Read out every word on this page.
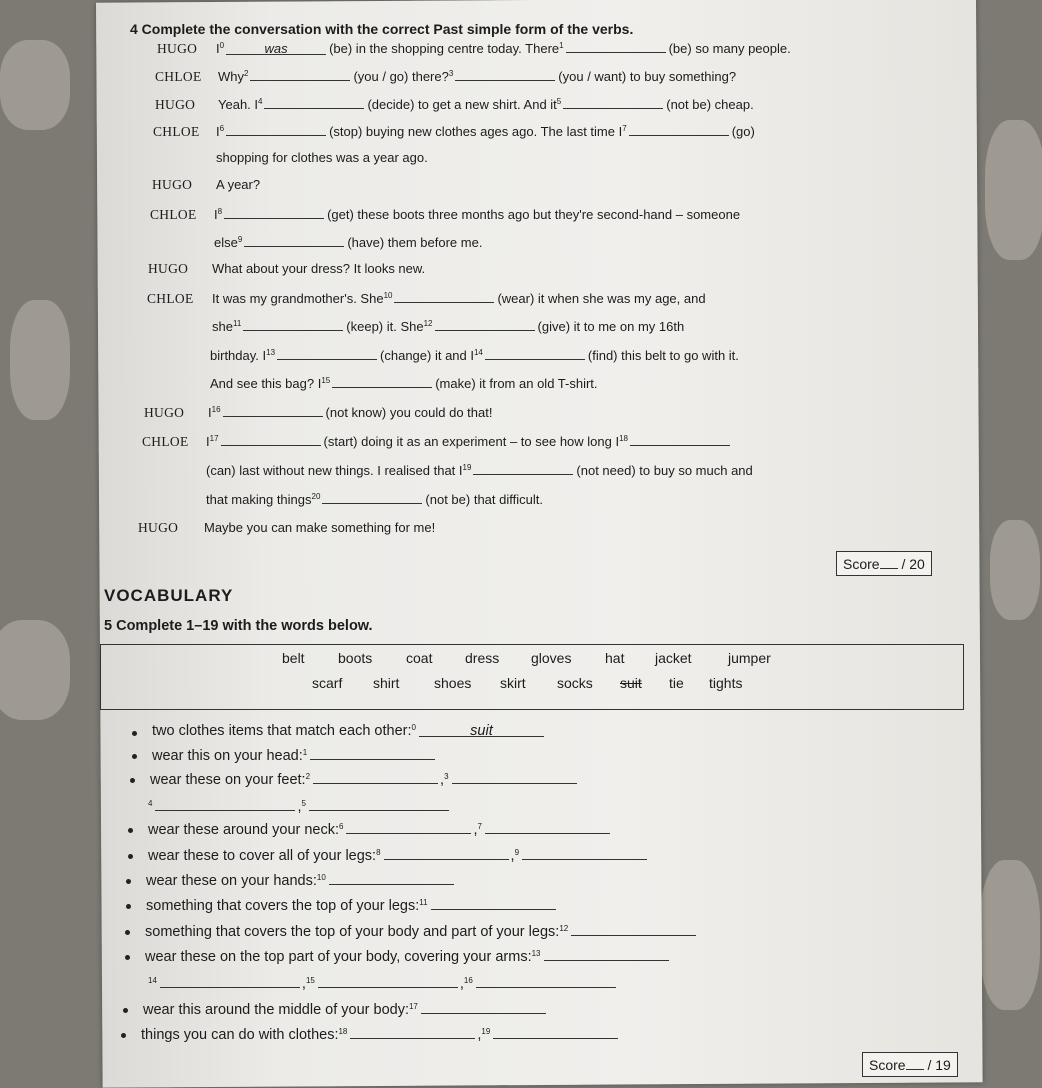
4 Complete the conversation with the correct Past simple form of the verbs.
HUGO $I^0$	was	(be) in the shopping centre today. There$^1$	(be) so many people.
CHLOE Why$^2$	(you / go) there?$^3$	(you / want) to buy something?
HUGO Yeah. $I^4$	(decide) to get a new shirt. And $it^5$	(not be) cheap.
CHLOE $I^6$	(stop) buying new clothes ages ago. The last time $I^7$	(go)
shopping for clothes was a year ago.
HUGO A year?
CHLOE $I^8$	(get) these boots three months ago but they're second-hand – someone
else$^9$	(have) them before me.
HUGO What about your dress? It looks new.
CHLOE It was my grandmother's. She$^{10}$	(wear) it when she was my age, and
she$^{11}$	(keep) it. She$^{12}$	(give) it to me on my 16th
birthday. $I^{13}$	(change) it and $I^{14}$	(find) this belt to go with it.
And see this bag? $I^{15}$	(make) it from an old T-shirt.
HUGO $I^{16}$	(not know) you could do that!
CHLOE $I^{17}$	(start) doing it as an experiment – to see how long $I^{18}$
(can) last without new things. I realised that $I^{19}$	(not need) to buy so much and
that making things$^{20}$	(not be) that difficult.
HUGO Maybe you can make something for me!
Score / 20
VOCABULARY
5 Complete 1–19 with the words below.
belt boots coat dress gloves hat jacket	jumper
scarf shirt shoes skirt socks suit tie tights
two clothes items that match each other:$^0$	suit
wear this on your head:$^1$
wear these on your feet:$^2$	,$^3$
$^4$	,$^5$
wear these around your neck:$^6$	,$^7$
wear these to cover all of your legs:$^8$	,$^9$
wear these on your hands:$^{10}$
something that covers the top of your legs:$^{11}$
something that covers the top of your body and part of your legs:$^{12}$
wear these on the top part of your body, covering your arms:$^{13}$
$^{14}$	,$^{15}$	,$^{16}$
wear this around the middle of your body:$^{17}$
things you can do with clothes:$^{18}$	,$^{19}$
Score / 19
